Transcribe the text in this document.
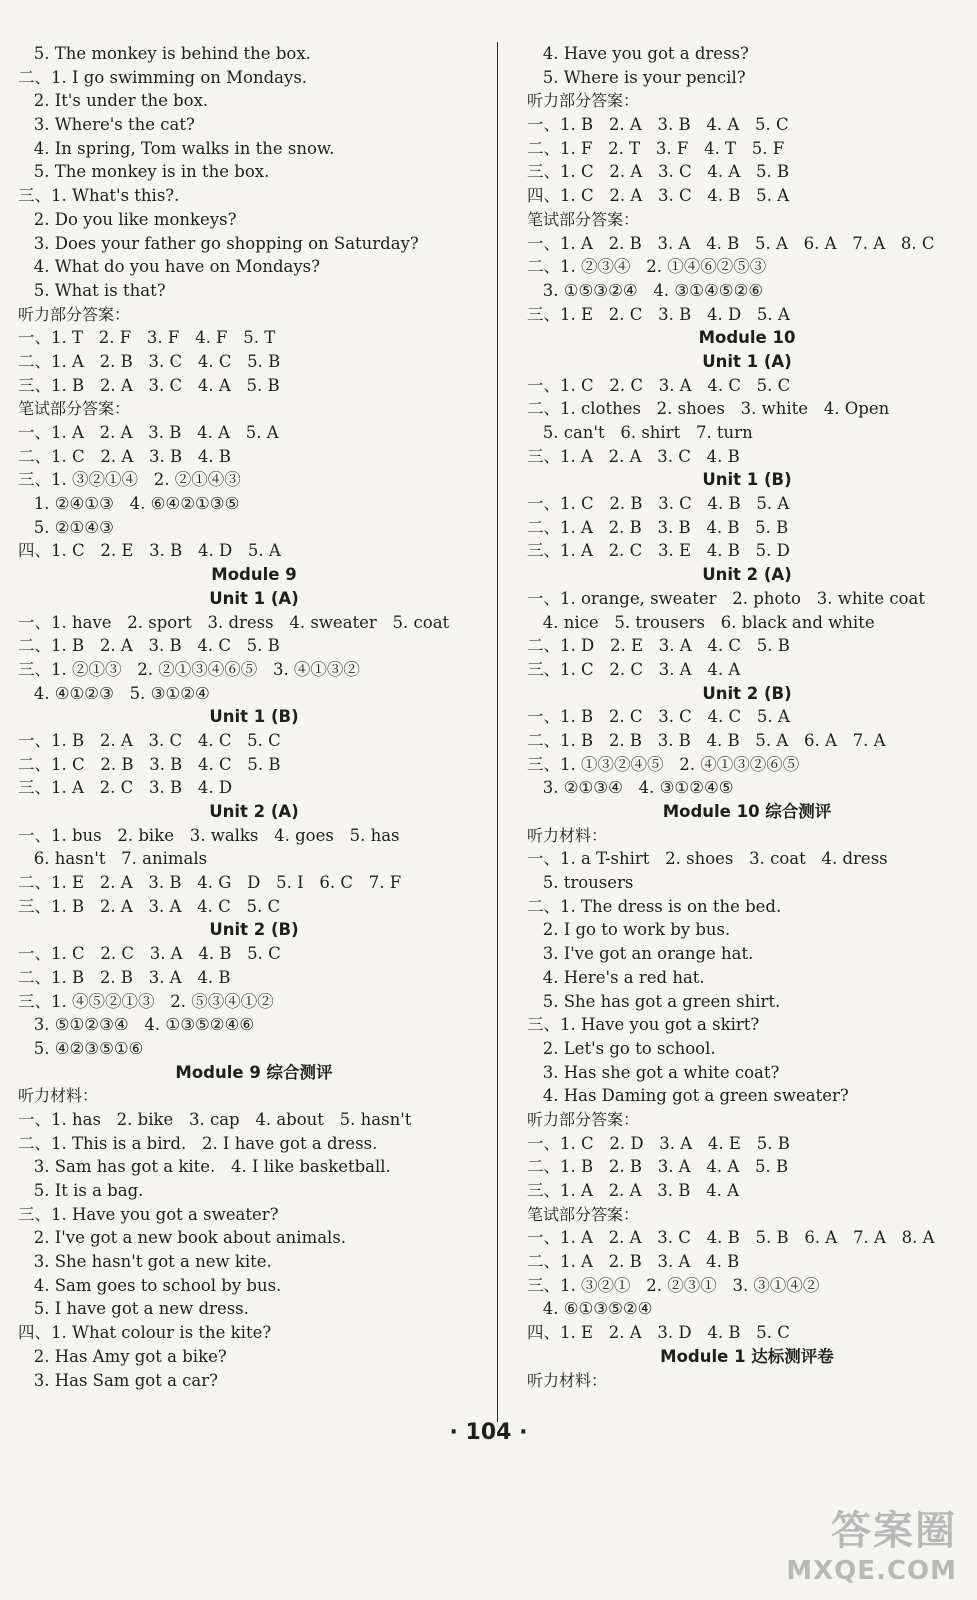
5. The monkey is behind the box.
二、1. I go swimming on Mondays.
2. It's under the box.
3. Where's the cat?
4. In spring, Tom walks in the snow.
5. The monkey is in the box.
三、1. What's this?.
2. Do you like monkeys?
3. Does your father go shopping on Saturday?
4. What do you have on Mondays?
5. What is that?
听力部分答案：
一、1. T   2. F   3. F   4. F   5. T
二、1. A   2. B   3. C   4. C   5. B
三、1. B   2. A   3. C   4. A   5. B
笔试部分答案：
一、1. A   2. A   3. B   4. A   5. A
二、1. C   2. A   3. B   4. B
三、1. ③②①④   2. ②①④③
1. ②④①③   4. ⑥④②①③⑤
5. ②①④③
四、1. C   2. E   3. B   4. D   5. A
Module 9
Unit 1 (A)
一、1. have   2. sport   3. dress   4. sweater   5. coat
二、1. B   2. A   3. B   4. C   5. B
三、1. ②①③   2. ②①③④⑥⑤   3. ④①③②
4. ④①②③   5. ③①②④
Unit 1 (B)
一、1. B   2. A   3. C   4. C   5. C
二、1. C   2. B   3. B   4. C   5. B
三、1. A   2. C   3. B   4. D
Unit 2 (A)
一、1. bus   2. bike   3. walks   4. goes   5. has
6. hasn't   7. animals
二、1. E   2. A   3. B   4. G   D   5. I   6. C   7. F
三、1. B   2. A   3. A   4. C   5. C
Unit 2 (B)
一、1. C   2. C   3. A   4. B   5. C
二、1. B   2. B   3. A   4. B
三、1. ④⑤②①③   2. ⑤③④①②
3. ⑤①②③④   4. ①③⑤②④⑥
5. ④②③⑤①⑥
Module 9 综合测评
听力材料：
一、1. has   2. bike   3. cap   4. about   5. hasn't
二、1. This is a bird.   2. I have got a dress.
3. Sam has got a kite.   4. I like basketball.
5. It is a bag.
三、1. Have you got a sweater?
2. I've got a new book about animals.
3. She hasn't got a new kite.
4. Sam goes to school by bus.
5. I have got a new dress.
四、1. What colour is the kite?
2. Has Amy got a bike?
3. Has Sam got a car?
4. Have you got a dress?
5. Where is your pencil?
听力部分答案：
一、1. B   2. A   3. B   4. A   5. C
二、1. F   2. T   3. F   4. T   5. F
三、1. C   2. A   3. C   4. A   5. B
四、1. C   2. A   3. C   4. B   5. A
笔试部分答案：
一、1. A   2. B   3. A   4. B   5. A   6. A   7. A   8. C
二、1. ②③④   2. ①④⑥②⑤③
3. ①⑤③②④   4. ③①④⑤②⑥
三、1. E   2. C   3. B   4. D   5. A
Module 10
Unit 1 (A)
一、1. C   2. C   3. A   4. C   5. C
二、1. clothes   2. shoes   3. white   4. Open
5. can't   6. shirt   7. turn
三、1. A   2. A   3. C   4. B
Unit 1 (B)
一、1. C   2. B   3. C   4. B   5. A
二、1. A   2. B   3. B   4. B   5. B
三、1. A   2. C   3. E   4. B   5. D
Unit 2 (A)
一、1. orange, sweater   2. photo   3. white coat
4. nice   5. trousers   6. black and white
二、1. D   2. E   3. A   4. C   5. B
三、1. C   2. C   3. A   4. A
Unit 2 (B)
一、1. B   2. C   3. C   4. C   5. A
二、1. B   2. B   3. B   4. B   5. A   6. A   7. A
三、1. ①③②④⑤   2. ④①③②⑥⑤
3. ②①③④   4. ③①②④⑤
Module 10 综合测评
听力材料：
一、1. a T-shirt   2. shoes   3. coat   4. dress
5. trousers
二、1. The dress is on the bed.
2. I go to work by bus.
3. I've got an orange hat.
4. Here's a red hat.
5. She has got a green shirt.
三、1. Have you got a skirt?
2. Let's go to school.
3. Has she got a white coat?
4. Has Daming got a green sweater?
听力部分答案：
一、1. C   2. D   3. A   4. E   5. B
二、1. B   2. B   3. A   4. A   5. B
三、1. A   2. A   3. B   4. A
笔试部分答案：
一、1. A   2. A   3. C   4. B   5. B   6. A   7. A   8. A
二、1. A   2. B   3. A   4. B
三、1. ③②①   2. ②③①   3. ③①④②
4. ⑥①③⑤②④
四、1. E   2. A   3. D   4. B   5. C
Module 1 达标测评卷
听力材料：
· 104 ·
答案圈
MXQE.COM
